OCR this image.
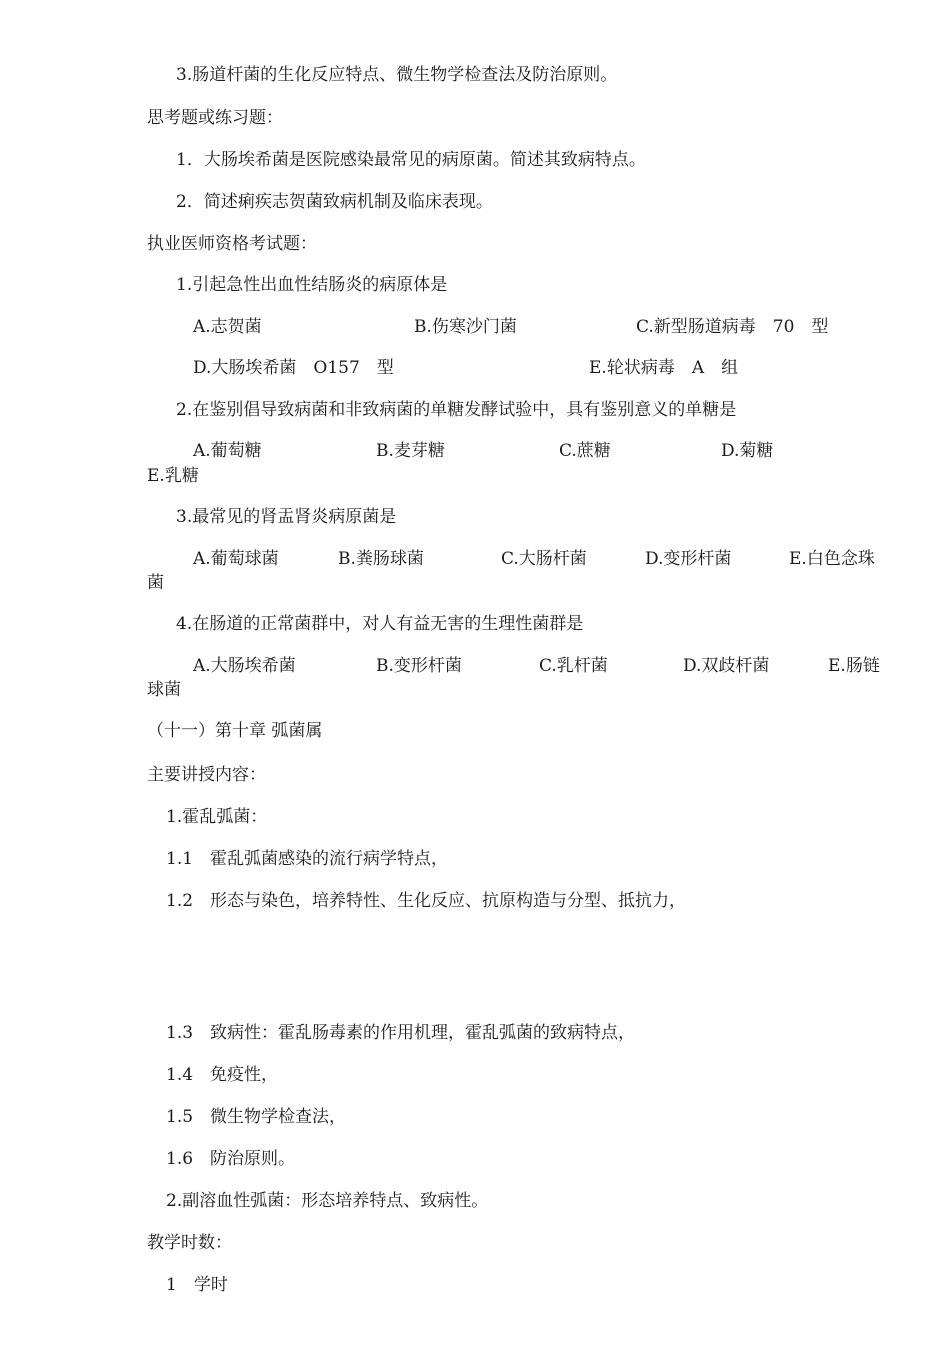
3.肠道杆菌的生化反应特点、微生物学检查法及防治原则。
思考题或练习题：
1．大肠埃希菌是医院感染最常见的病原菌。简述其致病特点。
2．简述痢疾志贺菌致病机制及临床表现。
执业医师资格考试题：
1.引起急性出血性结肠炎的病原体是
A.志贺菌	B.伤寒沙门菌	C.新型肠道病毒　70　型
D.大肠埃希菌　O157　型	E.轮状病毒　A　组
2.在鉴别倡导致病菌和非致病菌的单糖发酵试验中，具有鉴别意义的单糖是
A.葡萄糖	B.麦芽糖	C.蔗糖	D.菊糖
E.乳糖
3.最常见的肾盂肾炎病原菌是
A.葡萄球菌	B.粪肠球菌	C.大肠杆菌	D.变形杆菌	E.白色念珠
菌
4.在肠道的正常菌群中，对人有益无害的生理性菌群是
A.大肠埃希菌	B.变形杆菌	C.乳杆菌	D.双歧杆菌	E.肠链
球菌
（十一）第十章 弧菌属
主要讲授内容：
1.霍乱弧菌：
1.1　霍乱弧菌感染的流行病学特点，
1.2　形态与染色，培养特性、生化反应、抗原构造与分型、抵抗力，
1.3　致病性：霍乱肠毒素的作用机理，霍乱弧菌的致病特点，
1.4　免疫性，
1.5　微生物学检查法，
1.6　防治原则。
2.副溶血性弧菌：形态培养特点、致病性。
教学时数：
1　学时
